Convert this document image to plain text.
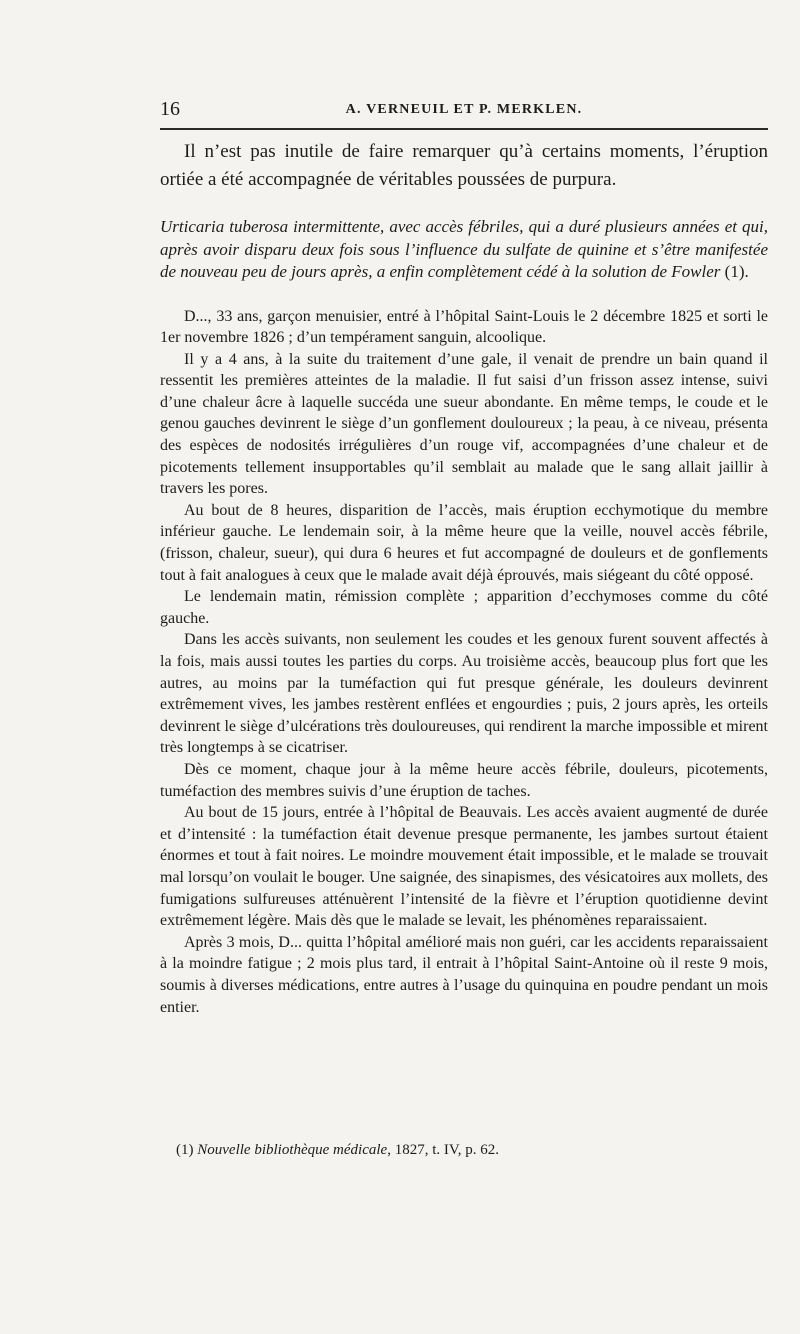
16	A. VERNEUIL ET P. MERKLEN.

Il n’est pas inutile de faire remarquer qu’à certains moments, l’éruption ortiée a été accompagnée de véritables poussées de purpura.

Urticaria tuberosa intermittente, avec accès fébriles, qui a duré plusieurs années et qui, après avoir disparu deux fois sous l’influence du sulfate de quinine et s’être manifestée de nouveau peu de jours après, a enfin complètement cédé à la solution de Fowler (1).

D..., 33 ans, garçon menuisier, entré à l’hôpital Saint-Louis le 2 décembre 1825 et sorti le 1er novembre 1826 ; d’un tempérament sanguin, alcoolique.

Il y a 4 ans, à la suite du traitement d’une gale, il venait de prendre un bain quand il ressentit les premières atteintes de la maladie. Il fut saisi d’un frisson assez intense, suivi d’une chaleur âcre à laquelle succéda une sueur abondante. En même temps, le coude et le genou gauches devinrent le siège d’un gonflement douloureux ; la peau, à ce niveau, présenta des espèces de nodosités irrégulières d’un rouge vif, accompagnées d’une chaleur et de picotements tellement insupportables qu’il semblait au malade que le sang allait jaillir à travers les pores.

Au bout de 8 heures, disparition de l’accès, mais éruption ecchymotique du membre inférieur gauche. Le lendemain soir, à la même heure que la veille, nouvel accès fébrile, (frisson, chaleur, sueur), qui dura 6 heures et fut accompagné de douleurs et de gonflements tout à fait analogues à ceux que le malade avait déjà éprouvés, mais siégeant du côté opposé.

Le lendemain matin, rémission complète ; apparition d’ecchymoses comme du côté gauche.

Dans les accès suivants, non seulement les coudes et les genoux furent souvent affectés à la fois, mais aussi toutes les parties du corps. Au troisième accès, beaucoup plus fort que les autres, au moins par la tuméfaction qui fut presque générale, les douleurs devinrent extrêmement vives, les jambes restèrent enflées et engourdies ; puis, 2 jours après, les orteils devinrent le siège d’ulcérations très douloureuses, qui rendirent la marche impossible et mirent très longtemps à se cicatriser.

Dès ce moment, chaque jour à la même heure accès fébrile, douleurs, picotements, tuméfaction des membres suivis d’une éruption de taches.

Au bout de 15 jours, entrée à l’hôpital de Beauvais. Les accès avaient augmenté de durée et d’intensité : la tuméfaction était devenue presque permanente, les jambes surtout étaient énormes et tout à fait noires. Le moindre mouvement était impossible, et le malade se trouvait mal lorsqu’on voulait le bouger. Une saignée, des sinapismes, des vésicatoires aux mollets, des fumigations sulfureuses atténuèrent l’intensité de la fièvre et l’éruption quotidienne devint extrêmement légère. Mais dès que le malade se levait, les phénomènes reparaissaient.

Après 3 mois, D... quitta l’hôpital amélioré mais non guéri, car les accidents reparaissaient à la moindre fatigue ; 2 mois plus tard, il entrait à l’hôpital Saint-Antoine où il reste 9 mois, soumis à diverses médications, entre autres à l’usage du quinquina en poudre pendant un mois entier.

(1) Nouvelle bibliothèque médicale, 1827, t. IV, p. 62.
